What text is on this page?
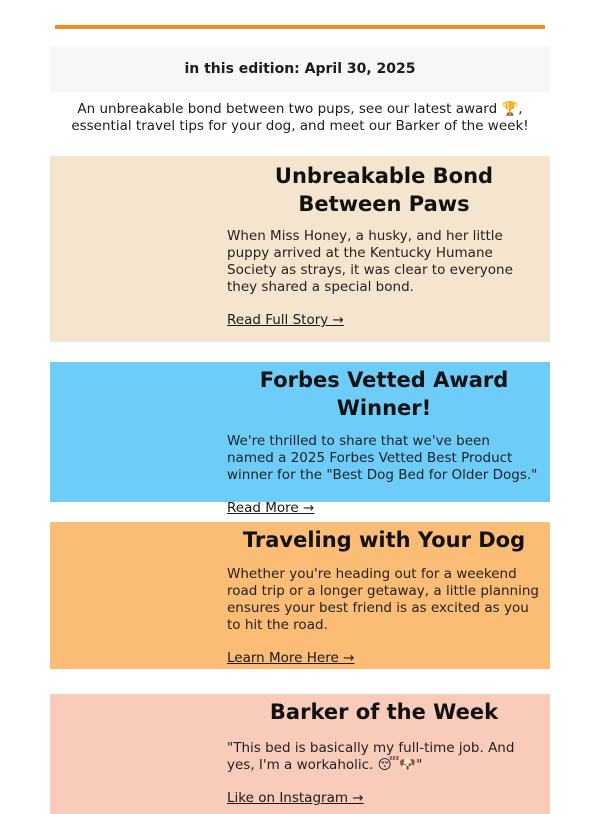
in this edition: April 30, 2025
An unbreakable bond between two pups, see our latest award 🏆, essential travel tips for your dog, and meet our Barker of the week!
Unbreakable Bond Between Paws

When Miss Honey, a husky, and her little puppy arrived at the Kentucky Humane Society as strays, it was clear to everyone they shared a special bond.

Read Full Story →
Forbes Vetted Award Winner!

We're thrilled to share that we've been named a 2025 Forbes Vetted Best Product winner for the "Best Dog Bed for Older Dogs."

Read More →
Traveling with Your Dog

Whether you're heading out for a weekend road trip or a longer getaway, a little planning ensures your best friend is as excited as you to hit the road.

Learn More Here →
Barker of the Week

"This bed is basically my full-time job. And yes, I'm a workaholic. 😴🐶"

Like on Instagram →
